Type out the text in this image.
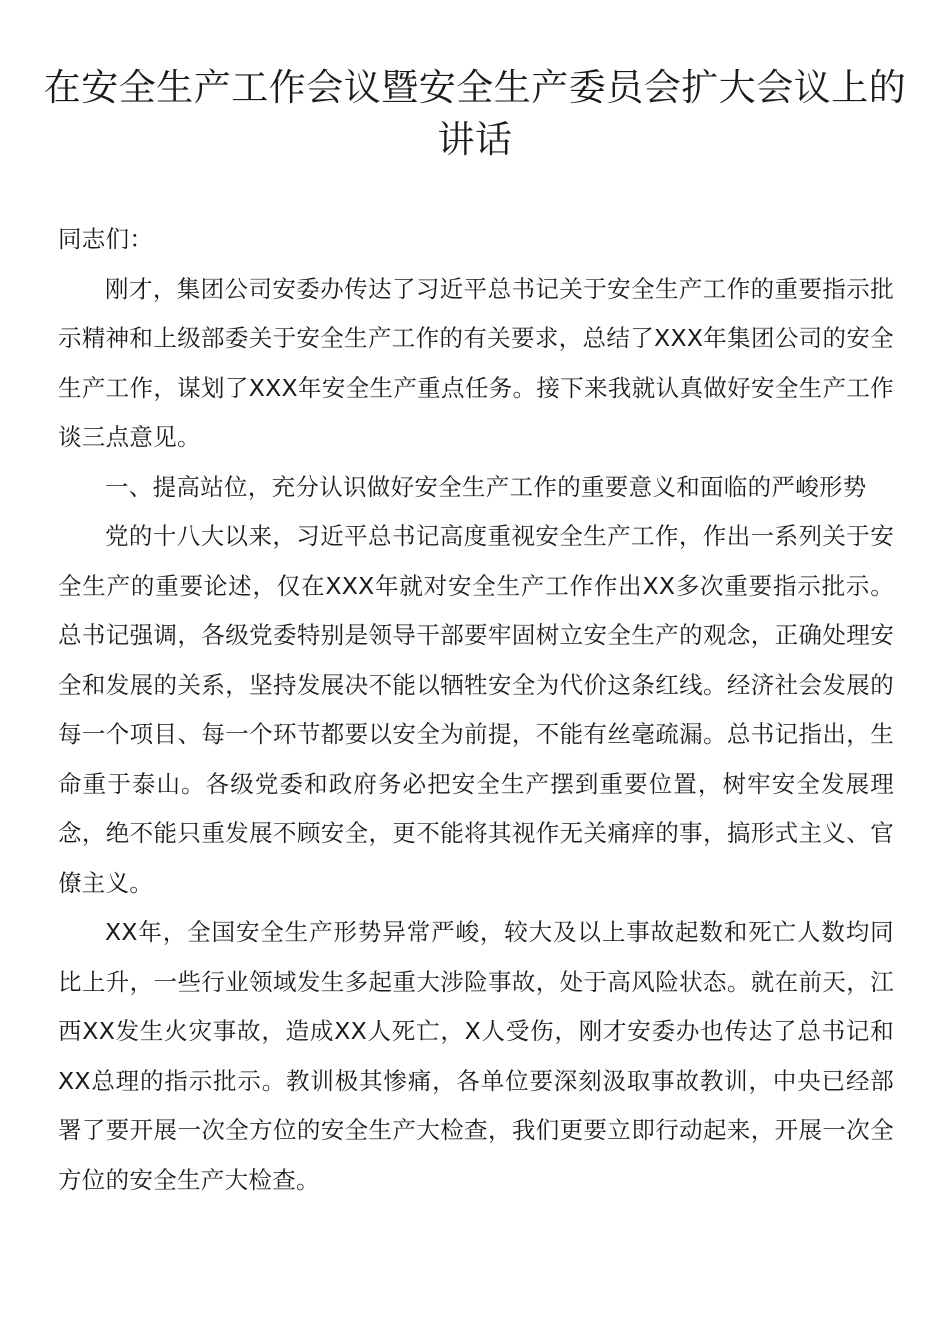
在安全生产工作会议暨安全生产委员会扩大会议上的讲话

同志们：

刚才，集团公司安委办传达了习近平总书记关于安全生产工作的重要指示批示精神和上级部委关于安全生产工作的有关要求，总结了XXX年集团公司的安全生产工作，谋划了XXX年安全生产重点任务。接下来我就认真做好安全生产工作谈三点意见。

一、提高站位，充分认识做好安全生产工作的重要意义和面临的严峻形势

党的十八大以来，习近平总书记高度重视安全生产工作，作出一系列关于安全生产的重要论述，仅在XXX年就对安全生产工作作出XX多次重要指示批示。总书记强调，各级党委特别是领导干部要牢固树立安全生产的观念，正确处理安全和发展的关系，坚持发展决不能以牺牲安全为代价这条红线。经济社会发展的每一个项目、每一个环节都要以安全为前提，不能有丝毫疏漏。总书记指出，生命重于泰山。各级党委和政府务必把安全生产摆到重要位置，树牢安全发展理念，绝不能只重发展不顾安全，更不能将其视作无关痛痒的事，搞形式主义、官僚主义。

XX年，全国安全生产形势异常严峻，较大及以上事故起数和死亡人数均同比上升，一些行业领域发生多起重大涉险事故，处于高风险状态。就在前天，江西XX发生火灾事故，造成XX人死亡，X人受伤，刚才安委办也传达了总书记和XX总理的指示批示。教训极其惨痛，各单位要深刻汲取事故教训，中央已经部署了要开展一次全方位的安全生产大检查，我们更要立即行动起来，开展一次全方位的安全生产大检查。
